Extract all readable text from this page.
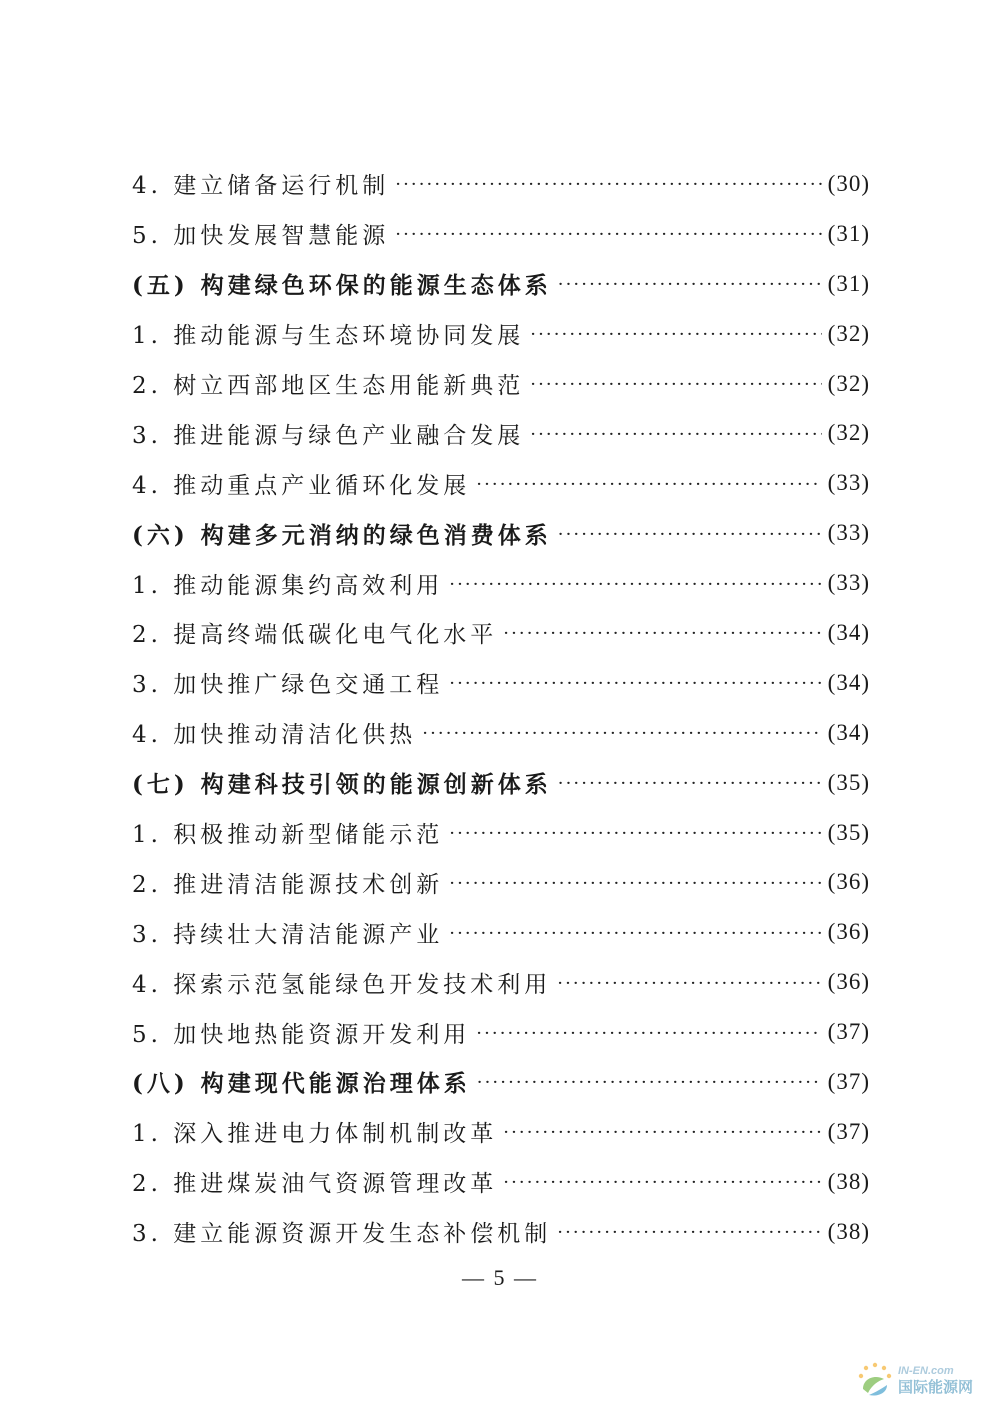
4. 建立储备运行机制 ·····	(30)
5. 加快发展智慧能源 ·····	(31)
(五) 构建绿色环保的能源生态体系 ·····	(31)
1. 推动能源与生态环境协同发展 ·····	(32)
2. 树立西部地区生态用能新典范 ·····	(32)
3. 推进能源与绿色产业融合发展 ·····	(32)
4. 推动重点产业循环化发展 ·····	(33)
(六) 构建多元消纳的绿色消费体系 ·····	(33)
1. 推动能源集约高效利用 ·····	(33)
2. 提高终端低碳化电气化水平 ·····	(34)
3. 加快推广绿色交通工程 ·····	(34)
4. 加快推动清洁化供热 ·····	(34)
(七) 构建科技引领的能源创新体系 ·····	(35)
1. 积极推动新型储能示范 ·····	(35)
2. 推进清洁能源技术创新 ·····	(36)
3. 持续壮大清洁能源产业 ·····	(36)
4. 探索示范氢能绿色开发技术利用 ·····	(36)
5. 加快地热能资源开发利用 ·····	(37)
(八) 构建现代能源治理体系 ·····	(37)
1. 深入推进电力体制机制改革 ·····	(37)
2. 推进煤炭油气资源管理改革 ·····	(38)
3. 建立能源资源开发生态补偿机制 ·····	(38)
— 5 —
IN-EN.com
国际能源网
